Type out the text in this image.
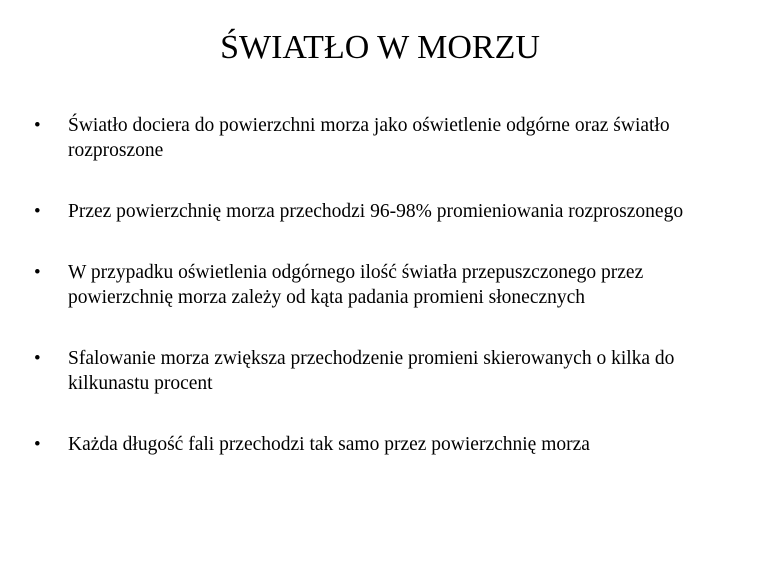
ŚWIATŁO W MORZU
• Światło dociera do powierzchni morza jako oświetlenie odgórne oraz światło rozproszone
• Przez powierzchnię morza przechodzi 96-98% promieniowania rozproszonego
• W przypadku oświetlenia odgórnego ilość światła przepuszczonego przez powierzchnię morza zależy od kąta padania promieni słonecznych
• Sfalowanie morza zwiększa przechodzenie promieni skierowanych o kilka do kilkunastu procent
• Każda długość fali przechodzi tak samo przez powierzchnię morza
